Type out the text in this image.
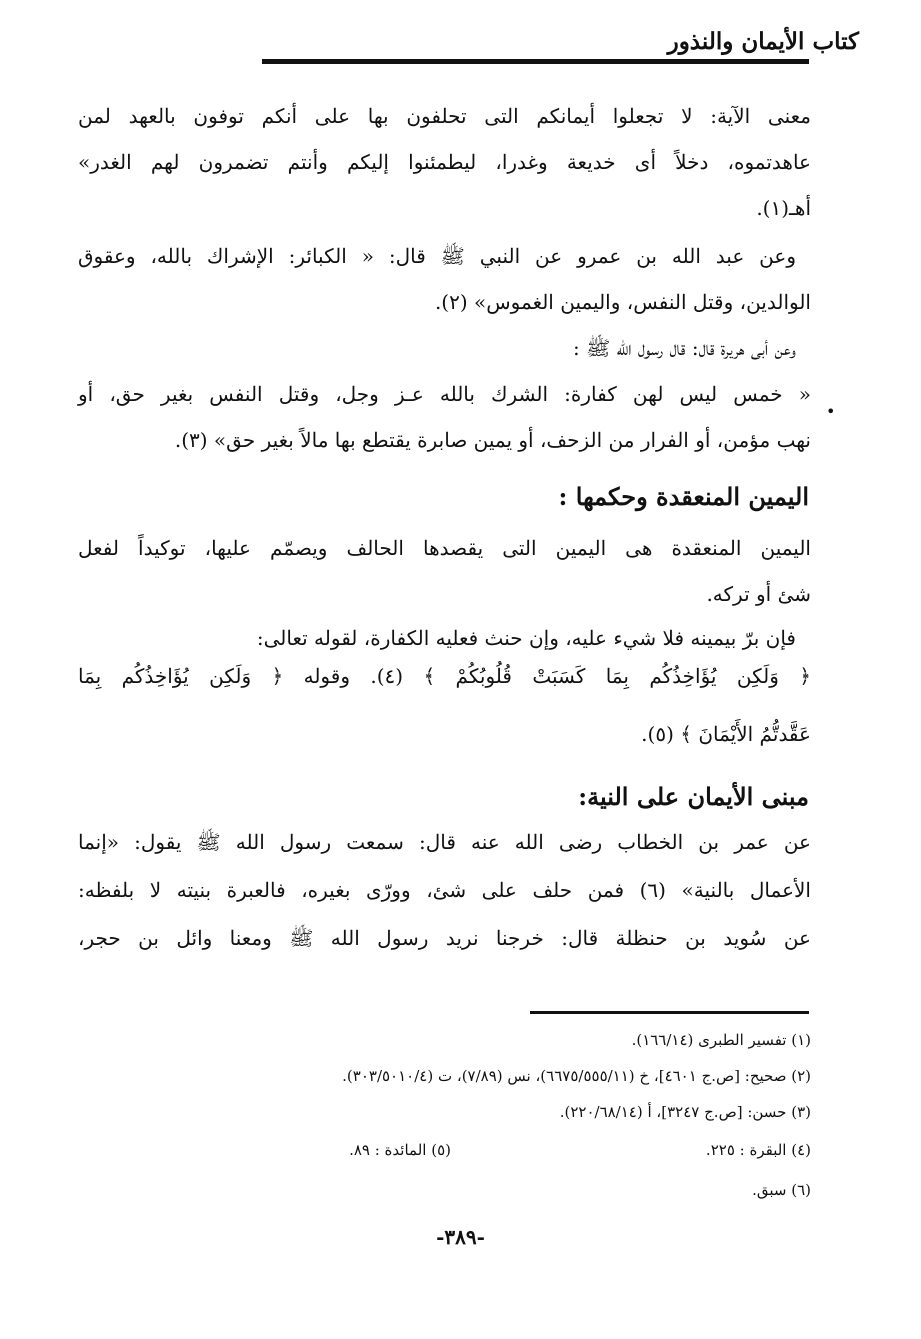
كتاب الأيمان والنذور
معنى الآية: لا تجعلوا أيمانكم التى تحلفون بها على أنكم توفون بالعهد لمن
عاهدتموه، دخلاً أى خديعة وغدرا، ليطمئنوا إليكم وأنتم تضمرون لهم الغدر»
أهـ(١).
وعن عبد الله بن عمرو عن النبي ﷺ قال: « الكبائر: الإشراك بالله، وعقوق
الوالدين، وقتل النفس، واليمين الغموس» (٢).
وعن أبى هريرة قال: قال رسول الله ﷺ :
« خمس ليس لهن كفارة: الشرك بالله عـز وجل، وقتل النفس بغير حق، أو
نهب مؤمن، أو الفرار من الزحف، أو يمين صابرة يقتطع بها مالاً بغير حق» (٣).
•
اليمين المنعقدة وحكمها :
اليمين المنعقدة هى اليمين التى يقصدها الحالف ويصمّم عليها، توكيداً لفعل
شئ أو تركه.
فإن برّ بيمينه فلا شيء عليه، وإن حنث فعليه الكفارة، لقوله تعالى:
﴿ وَلَكِن يُؤَاخِذُكُم بِمَا كَسَبَتْ قُلُوبُكُمْ ﴾ (٤). وقوله ﴿ وَلَكِن يُؤَاخِذُكُم بِمَا
عَقَّدتُّمُ الأَيْمَانَ ﴾ (٥).
مبنى الأيمان على النية:
عن عمر بن الخطاب رضى الله عنه قال: سمعت رسول الله ﷺ يقول: «إنما
الأعمال بالنية» (٦) فمن حلف على شئ، وورّى بغيره، فالعبرة بنيته لا بلفظه:
عن سُويد بن حنظلة قال: خرجنا نريد رسول الله ﷺ ومعنا وائل بن حجر،
(١) تفسير الطبرى (١٦٦/١٤).
(٢) صحيح: [ص.ج ٤٦٠١]، خ (٦٦٧٥/٥٥٥/١١)، نس (٧/٨٩)، ت (٣٠٣/٥٠١٠/٤).
(٣) حسن: [ص.ج ٣٢٤٧]، أ (٢٢٠/٦٨/١٤).
(٤) البقرة : ٢٢٥.
(٥) المائدة : ٨٩.
(٦) سبق.
-٣٨٩-
